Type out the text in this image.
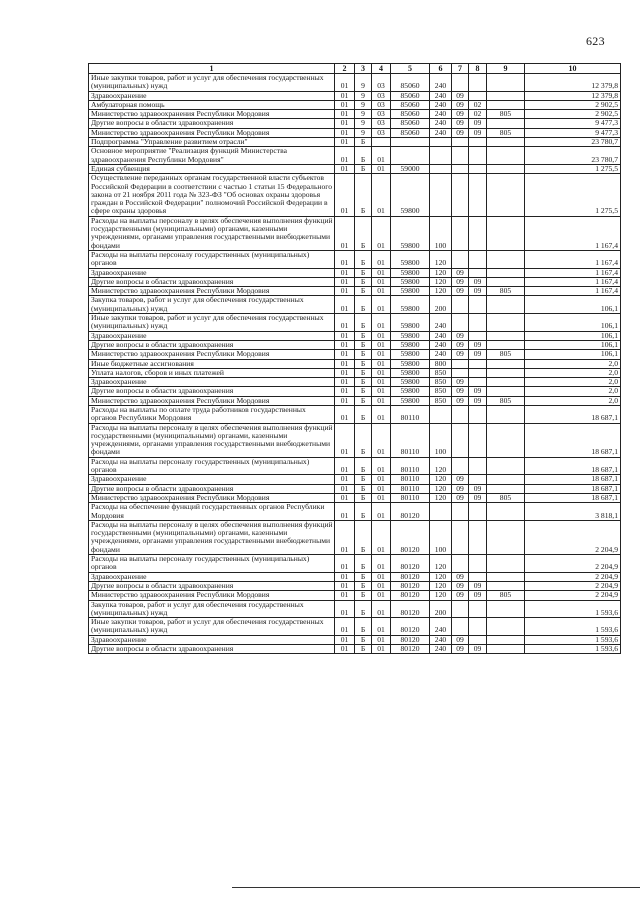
623
1	2	3	4	5	6	7	8	9	10
Иные закупки товаров, работ и услуг для обеспечения государственных (муниципальных) нужд	01	9	03	85060	240				12 379,8
Здравоохранение	01	9	03	85060	240	09			12 379,8
Амбулаторная помощь	01	9	03	85060	240	09	02		2 902,5
Министерство здравоохранения Республики Мордовия	01	9	03	85060	240	09	02	805	2 902,5
Другие вопросы в области здравоохранения	01	9	03	85060	240	09	09		9 477,3
Министерство здравоохранения Республики Мордовия	01	9	03	85060	240	09	09	805	9 477,3
Подпрограмма "Управление развитием отрасли"	01	Б							23 780,7
Основное мероприятие "Реализация функций Министерства здравоохранения Республики Мордовия"	01	Б	01						23 780,7
Единая субвенция	01	Б	01	59000					1 275,5
Осуществление переданных органам государственной власти субъектов Российской Федерации в соответствии с частью 1 статьи 15 Федерального закона от 21 ноября 2011 года № 323-ФЗ "Об основах охраны здоровья граждан в Российской Федерации" полномочий Российской Федерации в сфере охраны здоровья	01	Б	01	59800					1 275,5
Расходы на выплаты персоналу в целях обеспечения выполнения функций государственными (муниципальными) органами, казенными учреждениями, органами управления государственными внебюджетными фондами	01	Б	01	59800	100				1 167,4
Расходы на выплаты персоналу государственных (муниципальных) органов	01	Б	01	59800	120				1 167,4
Здравоохранение	01	Б	01	59800	120	09			1 167,4
Другие вопросы в области здравоохранения	01	Б	01	59800	120	09	09		1 167,4
Министерство здравоохранения Республики Мордовия	01	Б	01	59800	120	09	09	805	1 167,4
Закупка товаров, работ и услуг для обеспечения государственных (муниципальных) нужд	01	Б	01	59800	200				106,1
Иные закупки товаров, работ и услуг для обеспечения государственных (муниципальных) нужд	01	Б	01	59800	240				106,1
Здравоохранение	01	Б	01	59800	240	09			106,1
Другие вопросы в области здравоохранения	01	Б	01	59800	240	09	09		106,1
Министерство здравоохранения Республики Мордовия	01	Б	01	59800	240	09	09	805	106,1
Иные бюджетные ассигнования	01	Б	01	59800	800				2,0
Уплата налогов, сборов и иных платежей	01	Б	01	59800	850				2,0
Здравоохранение	01	Б	01	59800	850	09			2,0
Другие вопросы в области здравоохранения	01	Б	01	59800	850	09	09		2,0
Министерство здравоохранения Республики Мордовия	01	Б	01	59800	850	09	09	805	2,0
Расходы на выплаты по оплате труда работников государственных органов Республики Мордовия	01	Б	01	80110					18 687,1
Расходы на выплаты персоналу в целях обеспечения выполнения функций государственными (муниципальными) органами, казенными учреждениями, органами управления государственными внебюджетными фондами	01	Б	01	80110	100				18 687,1
Расходы на выплаты персоналу государственных (муниципальных) органов	01	Б	01	80110	120				18 687,1
Здравоохранение	01	Б	01	80110	120	09			18 687,1
Другие вопросы в области здравоохранения	01	Б	01	80110	120	09	09		18 687,1
Министерство здравоохранения Республики Мордовия	01	Б	01	80110	120	09	09	805	18 687,1
Расходы на обеспечение функций государственных органов Республики Мордовия	01	Б	01	80120					3 818,1
Расходы на выплаты персоналу в целях обеспечения выполнения функций государственными (муниципальными) органами, казенными учреждениями, органами управления государственными внебюджетными фондами	01	Б	01	80120	100				2 204,9
Расходы на выплаты персоналу государственных (муниципальных) органов	01	Б	01	80120	120				2 204,9
Здравоохранение	01	Б	01	80120	120	09			2 204,9
Другие вопросы в области здравоохранения	01	Б	01	80120	120	09	09		2 204,9
Министерство здравоохранения Республики Мордовия	01	Б	01	80120	120	09	09	805	2 204,9
Закупка товаров, работ и услуг для обеспечения государственных (муниципальных) нужд	01	Б	01	80120	200				1 593,6
Иные закупки товаров, работ и услуг для обеспечения государственных (муниципальных) нужд	01	Б	01	80120	240				1 593,6
Здравоохранение	01	Б	01	80120	240	09			1 593,6
Другие вопросы в области здравоохранения	01	Б	01	80120	240	09	09		1 593,6
